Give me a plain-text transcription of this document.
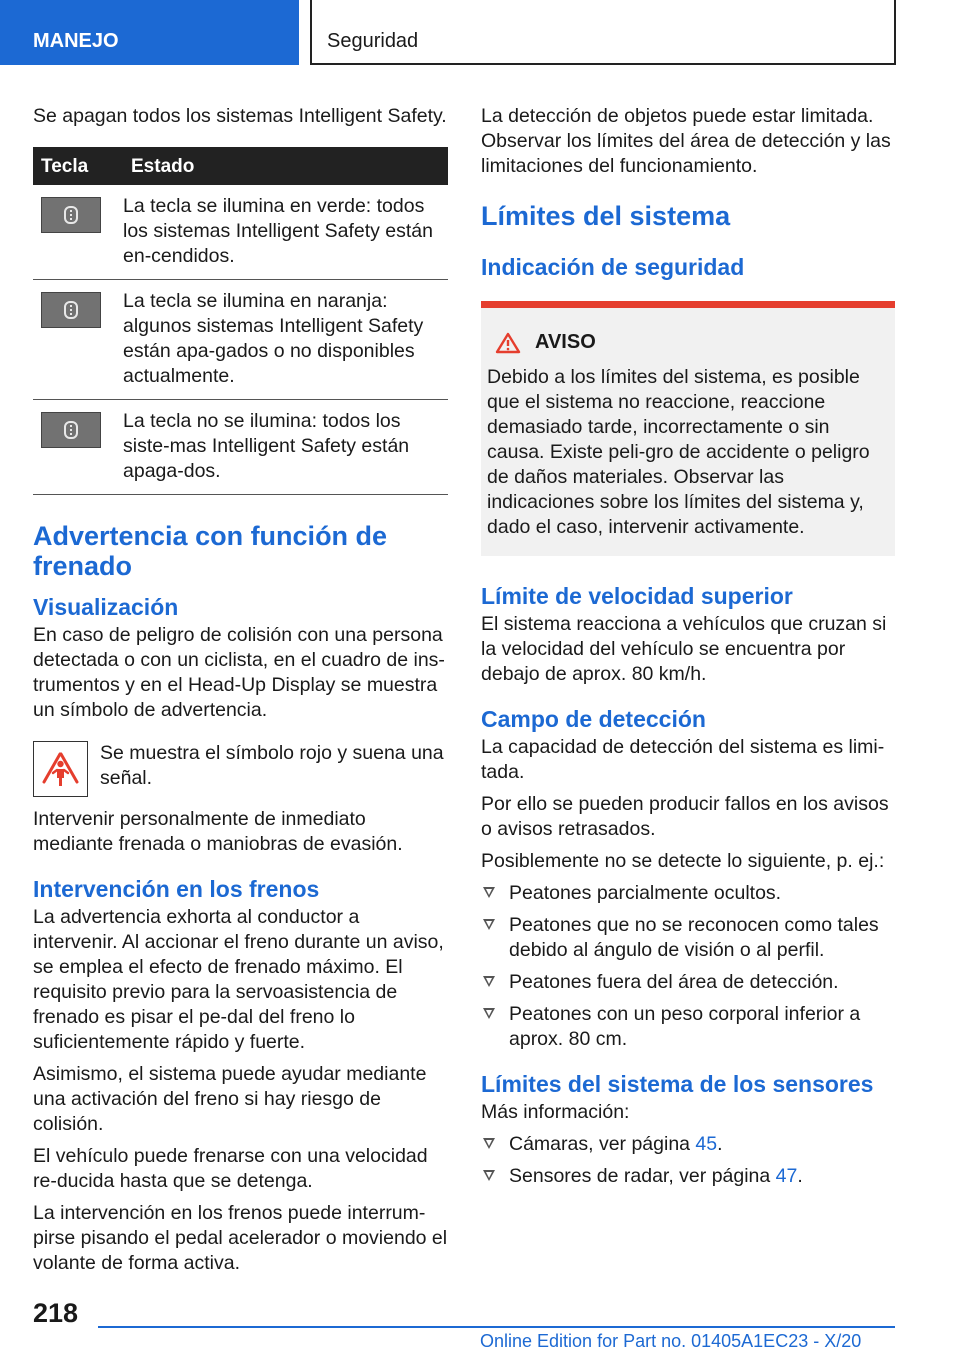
MANEJO	Seguridad

Se apagan todos los sistemas Intelligent Safety.

Tecla	Estado

	La tecla se ilumina en verde: todos los sistemas Intelligent Safety están en-cendidos.

	La tecla se ilumina en naranja: algunos sistemas Intelligent Safety están apa-gados o no disponibles actualmente.

	La tecla no se ilumina: todos los siste-mas Intelligent Safety están apaga-dos.
Advertencia con función de frenado
Visualización

En caso de peligro de colisión con una persona detectada o con un ciclista, en el cuadro de ins-trumentos y en el Head-Up Display se muestra un símbolo de advertencia.

Se muestra el símbolo rojo y suena una señal.

Intervenir personalmente de inmediato mediante frenada o maniobras de evasión.

Intervención en los frenos

La advertencia exhorta al conductor a intervenir. Al accionar el freno durante un aviso, se emplea el efecto de frenado máximo. El requisito previo para la servoasistencia de frenado es pisar el pe-dal del freno lo suficientemente rápido y fuerte.

Asimismo, el sistema puede ayudar mediante una activación del freno si hay riesgo de colisión.

El vehículo puede frenarse con una velocidad re-ducida hasta que se detenga.

La intervención en los frenos puede interrum-pirse pisando el pedal acelerador o moviendo el volante de forma activa.

La detección de objetos puede estar limitada. Observar los límites del área de detección y las limitaciones del funcionamiento.

Límites del sistema
Indicación de seguridad
AVISO
Debido a los límites del sistema, es posible que el sistema no reaccione, reaccione demasiado tarde, incorrectamente o sin causa. Existe peli-gro de accidente o peligro de daños materiales. Observar las indicaciones sobre los límites del sistema y, dado el caso, intervenir activamente.
Límite de velocidad superior

El sistema reacciona a vehículos que cruzan si la velocidad del vehículo se encuentra por debajo de aprox. 80 km/h.

Campo de detección

La capacidad de detección del sistema es limi-tada.

Por ello se pueden producir fallos en los avisos o avisos retrasados.

Posiblemente no se detecte lo siguiente, p. ej.:

Peatones parcialmente ocultos.
Peatones que no se reconocen como tales debido al ángulo de visión o al perfil.
Peatones fuera del área de detección.
Peatones con un peso corporal inferior a aprox. 80 cm.
Límites del sistema de los sensores

Más información:

Cámaras, ver página 45.
Sensores de radar, ver página 47.
218
Online Edition for Part no. 01405A1EC23 - X/20
